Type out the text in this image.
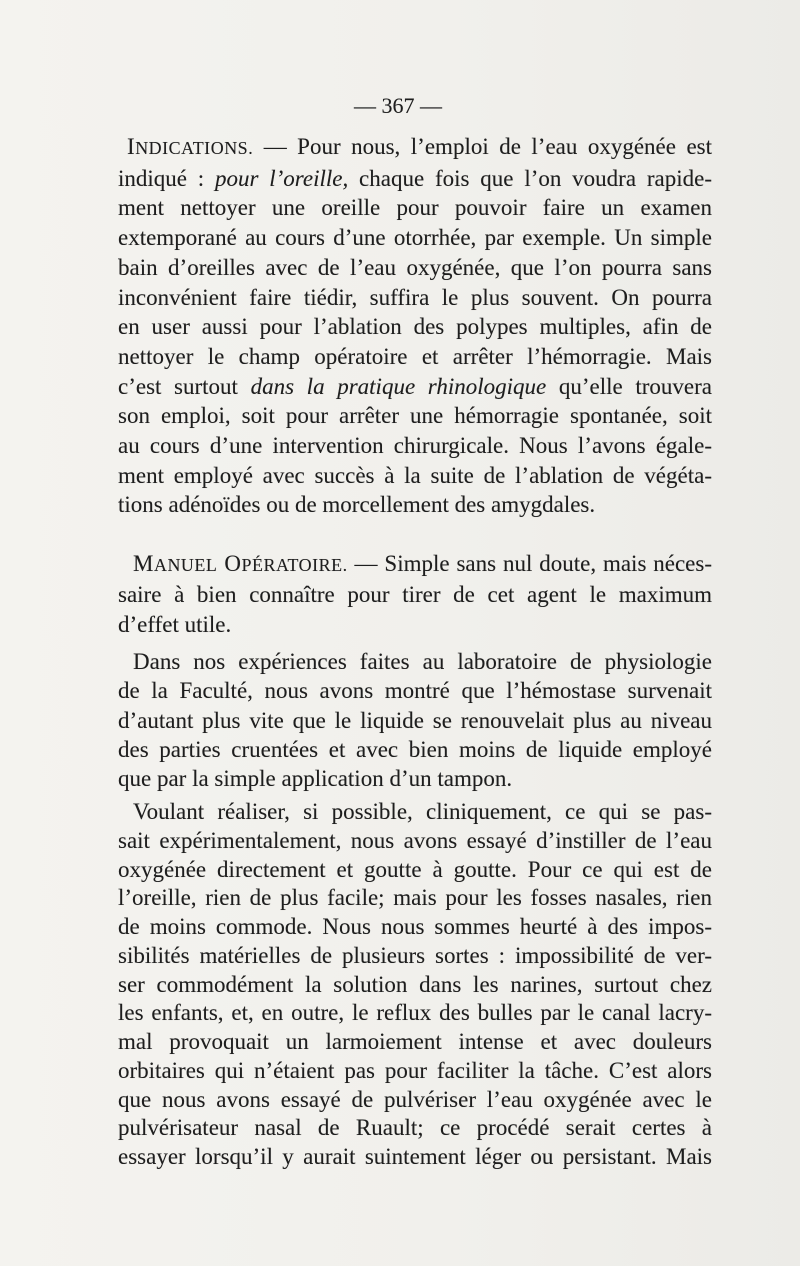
— 367 —
INDICATIONS. — Pour nous, l’emploi de l’eau oxygénée est
indiqué : pour l’oreille, chaque fois que l’on voudra rapide-
ment nettoyer une oreille pour pouvoir faire un examen
extemporané au cours d’une otorrhée, par exemple. Un simple
bain d’oreilles avec de l’eau oxygénée, que l’on pourra sans
inconvénient faire tiédir, suffira le plus souvent. On pourra
en user aussi pour l’ablation des polypes multiples, afin de
nettoyer le champ opératoire et arrêter l’hémorragie. Mais
c’est surtout dans la pratique rhinologique qu’elle trouvera
son emploi, soit pour arrêter une hémorragie spontanée, soit
au cours d’une intervention chirurgicale. Nous l’avons égale-
ment employé avec succès à la suite de l’ablation de végéta-
tions adénoïdes ou de morcellement des amygdales.
MANUEL OPÉRATOIRE. — Simple sans nul doute, mais néces-
saire à bien connaître pour tirer de cet agent le maximum
d’effet utile.
Dans nos expériences faites au laboratoire de physiologie
de la Faculté, nous avons montré que l’hémostase survenait
d’autant plus vite que le liquide se renouvelait plus au niveau
des parties cruentées et avec bien moins de liquide employé
que par la simple application d’un tampon.
Voulant réaliser, si possible, cliniquement, ce qui se pas-
sait expérimentalement, nous avons essayé d’instiller de l’eau
oxygénée directement et goutte à goutte. Pour ce qui est de
l’oreille, rien de plus facile; mais pour les fosses nasales, rien
de moins commode. Nous nous sommes heurté à des impos-
sibilités matérielles de plusieurs sortes : impossibilité de ver-
ser commodément la solution dans les narines, surtout chez
les enfants, et, en outre, le reflux des bulles par le canal lacry-
mal provoquait un larmoiement intense et avec douleurs
orbitaires qui n’étaient pas pour faciliter la tâche. C’est alors
que nous avons essayé de pulvériser l’eau oxygénée avec le
pulvérisateur nasal de Ruault; ce procédé serait certes à
essayer lorsqu’il y aurait suintement léger ou persistant. Mais
